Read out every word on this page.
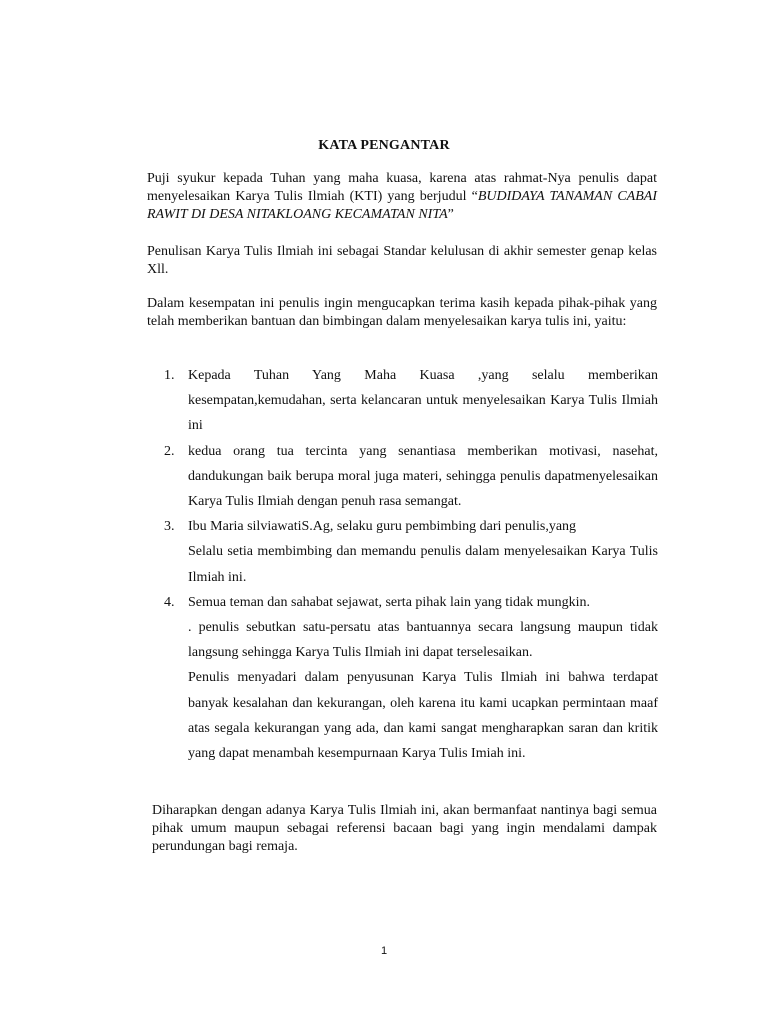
KATA PENGANTAR

Puji syukur kepada Tuhan yang maha kuasa, karena atas rahmat-Nya penulis dapat menyelesaikan Karya Tulis Ilmiah (KTI) yang berjudul “BUDIDAYA TANAMAN CABAI RAWIT DI DESA NITAKLOANG KECAMATAN NITA”

Penulisan Karya Tulis Ilmiah ini sebagai Standar kelulusan di akhir semester genap kelas Xll.

Dalam kesempatan ini penulis ingin mengucapkan terima kasih kepada pihak-pihak yang telah memberikan bantuan dan bimbingan dalam menyelesaikan karya tulis ini, yaitu:

1. Kepada Tuhan Yang Maha Kuasa ,yang selalu memberikan kesempatan,kemudahan, serta kelancaran untuk menyelesaikan Karya Tulis Ilmiah ini
2. kedua orang tua tercinta yang senantiasa memberikan motivasi, nasehat, dandukungan baik berupa moral juga materi, sehingga penulis dapatmenyelesaikan Karya Tulis Ilmiah dengan penuh rasa semangat.
3. Ibu Maria silviawatiS.Ag, selaku guru pembimbing dari penulis,yang
Selalu setia membimbing dan memandu penulis dalam menyelesaikan Karya Tulis Ilmiah ini.
4. Semua teman dan sahabat sejawat, serta pihak lain yang tidak mungkin.
. penulis sebutkan satu-persatu atas bantuannya secara langsung maupun tidak langsung sehingga Karya Tulis Ilmiah ini dapat terselesaikan.
Penulis menyadari dalam penyusunan Karya Tulis Ilmiah ini bahwa terdapat banyak kesalahan dan kekurangan, oleh karena itu kami ucapkan permintaan maaf atas segala kekurangan yang ada, dan kami sangat mengharapkan saran dan kritik yang dapat menambah kesempurnaan Karya Tulis Imiah ini.

Diharapkan dengan adanya Karya Tulis Ilmiah ini, akan bermanfaat nantinya bagi semua pihak umum maupun sebagai referensi bacaan bagi yang ingin mendalami dampak perundungan bagi remaja.

1
